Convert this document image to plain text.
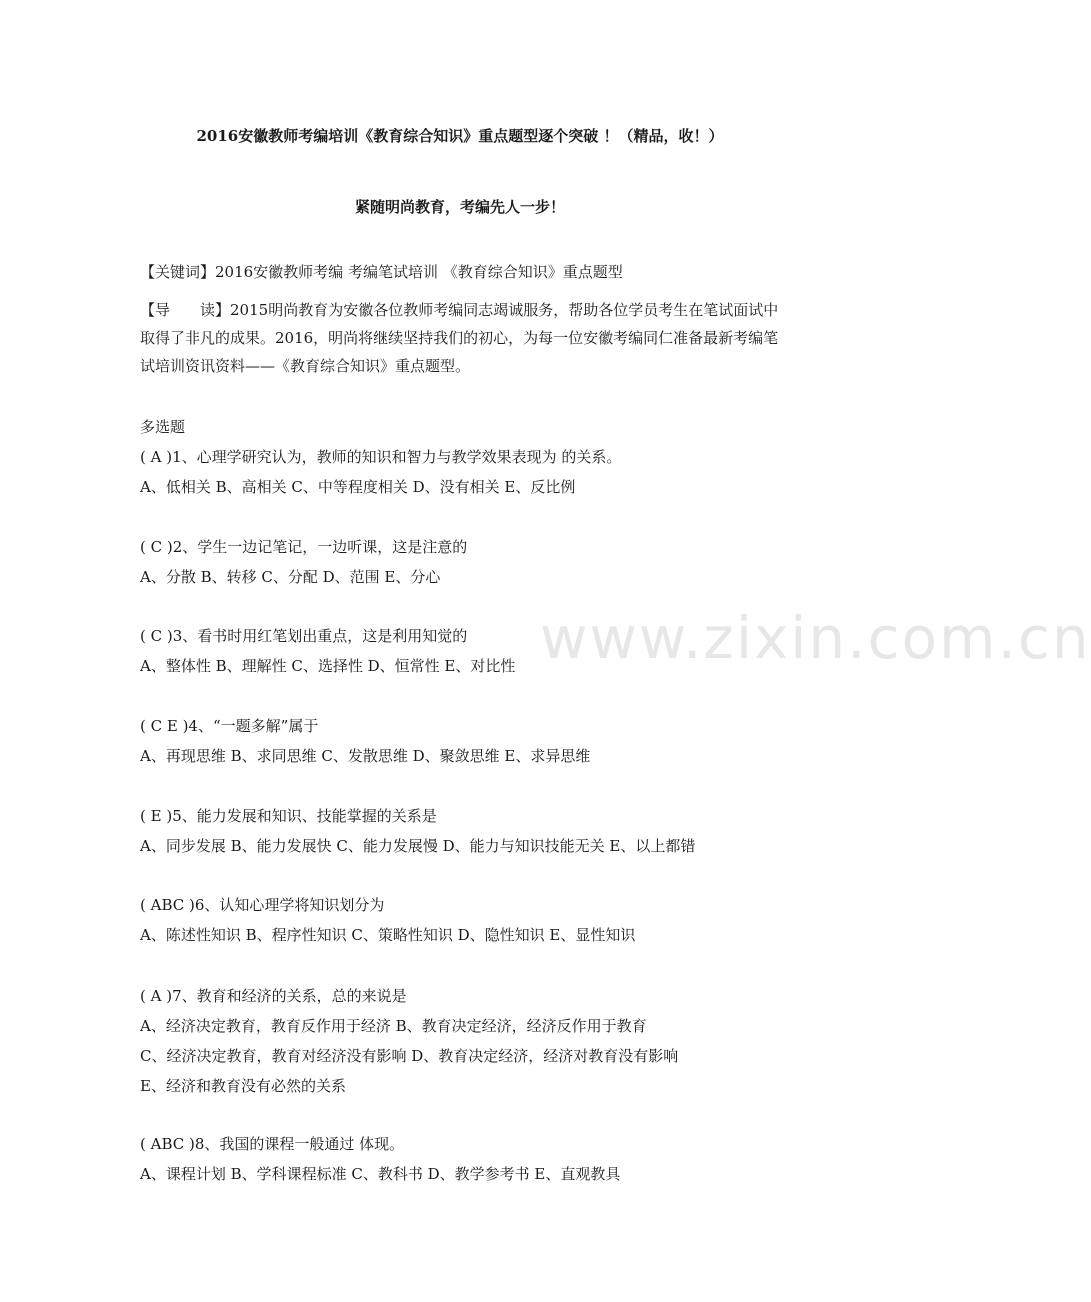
2016安徽教师考编培训《教育综合知识》重点题型逐个突破 ！（精品，收！）
紧随明尚教育，考编先人一步！
【关键词】2016安徽教师考编 考编笔试培训 《教育综合知识》重点题型
【导　　读】2015明尚教育为安徽各位教师考编同志竭诚服务，帮助各位学员考生在笔试面试中取得了非凡的成果。2016，明尚将继续坚持我们的初心，为每一位安徽考编同仁准备最新考编笔试培训资讯资料——《教育综合知识》重点题型。
多选题
( A )1、心理学研究认为，教师的知识和智力与教学效果表现为 的关系。
A、低相关 B、高相关 C、中等程度相关 D、没有相关 E、反比例
( C )2、学生一边记笔记，一边听课，这是注意的
A、分散 B、转移 C、分配 D、范围 E、分心
( C )3、看书时用红笔划出重点，这是利用知觉的
A、整体性 B、理解性 C、选择性 D、恒常性 E、对比性
( C E )4、“一题多解”属于
A、再现思维 B、求同思维 C、发散思维 D、聚敛思维 E、求异思维
( E )5、能力发展和知识、技能掌握的关系是
A、同步发展 B、能力发展快 C、能力发展慢 D、能力与知识技能无关 E、以上都错
( ABC )6、认知心理学将知识划分为
A、陈述性知识 B、程序性知识 C、策略性知识 D、隐性知识 E、显性知识
( A )7、教育和经济的关系，总的来说是
A、经济决定教育，教育反作用于经济 B、教育决定经济，经济反作用于教育
C、经济决定教育，教育对经济没有影响 D、教育决定经济，经济对教育没有影响
E、经济和教育没有必然的关系
( ABC )8、我国的课程一般通过 体现。
A、课程计划 B、学科课程标准 C、教科书 D、教学参考书 E、直观教具
www.zixin.com.cn
